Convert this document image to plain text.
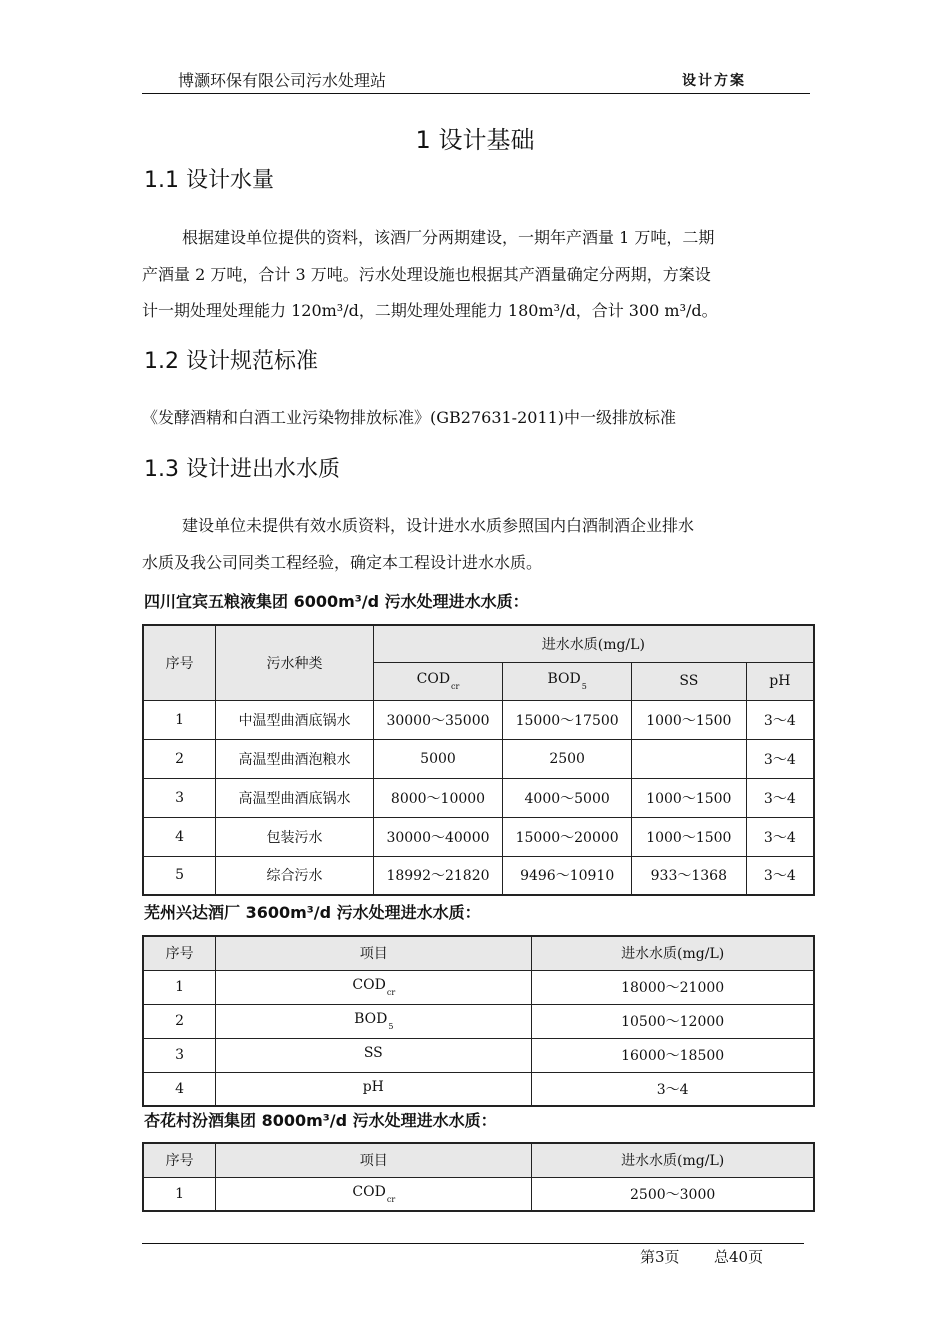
博灏环保有限公司污水处理站	设计方案
1 设计基础
1.1 设计水量
根据建设单位提供的资料，该酒厂分两期建设，一期年产酒量 1 万吨，二期
产酒量 2 万吨，合计 3 万吨。污水处理设施也根据其产酒量确定分两期，方案设
计一期处理处理能力 120m³/d，二期处理处理能力 180m³/d，合计 300 m³/d。
1.2 设计规范标准
《发酵酒精和白酒工业污染物排放标准》(GB27631-2011)中一级排放标准
1.3 设计进出水水质
建设单位未提供有效水质资料，设计进水水质参照国内白酒制酒企业排水
水质及我公司同类工程经验，确定本工程设计进水水质。
四川宜宾五粮液集团 6000m³/d 污水处理进水水质：
序号	污水种类	进水水质(mg/L)			
		$COD_{cr}$	$BOD_5$	SS	pH
1	中温型曲酒底锅水	30000～35000	15000～17500	1000～1500	3～4
2	高温型曲酒泡粮水	5000	2500		3～4
3	高温型曲酒底锅水	8000～10000	4000～5000	1000～1500	3～4
4	包装污水	30000～40000	15000～20000	1000～1500	3～4
5	综合污水	18992～21820	9496～10910	933～1368	3～4
芜州兴达酒厂 3600m³/d 污水处理进水水质：
序号	项目	进水水质(mg/L)
1	$COD_{cr}$	18000～21000
2	$BOD_5$	10500～12000
3	SS	16000～18500
4	pH	3～4
杏花村汾酒集团 8000m³/d 污水处理进水水质：
序号	项目	进水水质(mg/L)
1	$COD_{cr}$	2500～3000
第3页 总40页
